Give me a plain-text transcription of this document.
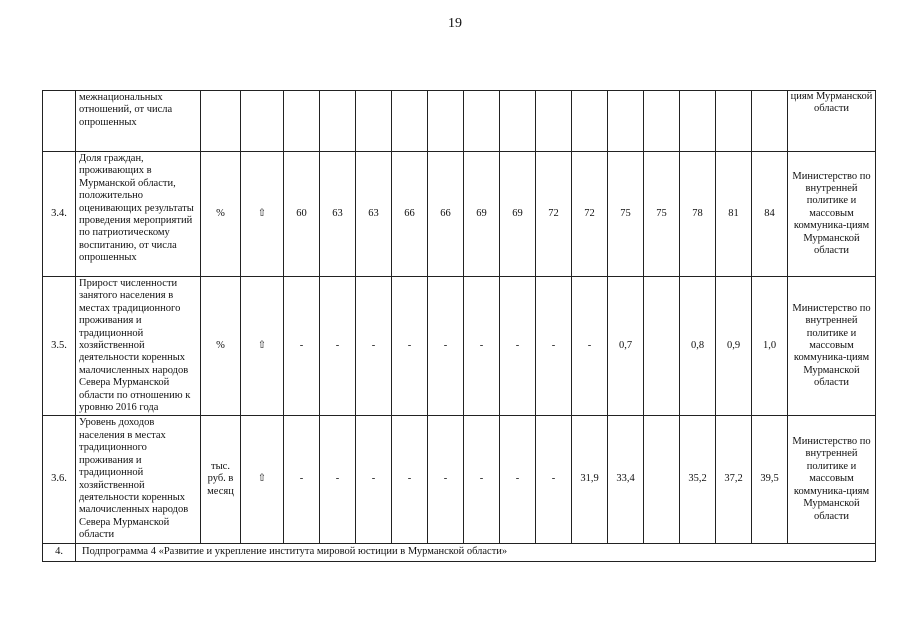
19
	межнациональных отношений, от числа опрошенных																	циям Мурманской области
3.4.	Доля граждан, проживающих в Мурманской области, положительно оценивающих результаты проведения мероприятий по патриотическому воспитанию, от числа опрошенных	%	⇧	60	63	63	66	66	69	69	72	72	75	75	78	81	84	Министерство по внутренней политике и массовым коммуника-циям Мурманской области
3.5.	Прирост численности занятого населения в местах традиционного проживания и традиционной хозяйственной деятельности коренных малочисленных народов Севера Мурманской области по отношению к уровню 2016 года	%	⇧	-	-	-	-	-	-	-	-	-	0,7		0,8	0,9	1,0	Министерство по внутренней политике и массовым коммуника-циям Мурманской области
3.6.	Уровень доходов населения в местах традиционного проживания и традиционной хозяйственной деятельности коренных малочисленных народов Севера Мурманской области	тыс. руб. в месяц	⇧	-	-	-	-	-	-	-	-	31,9	33,4		35,2	37,2	39,5	Министерство по внутренней политике и массовым коммуника-циям Мурманской области
4.	Подпрограмма 4 «Развитие и укрепление института мировой юстиции в Мурманской области»																	
